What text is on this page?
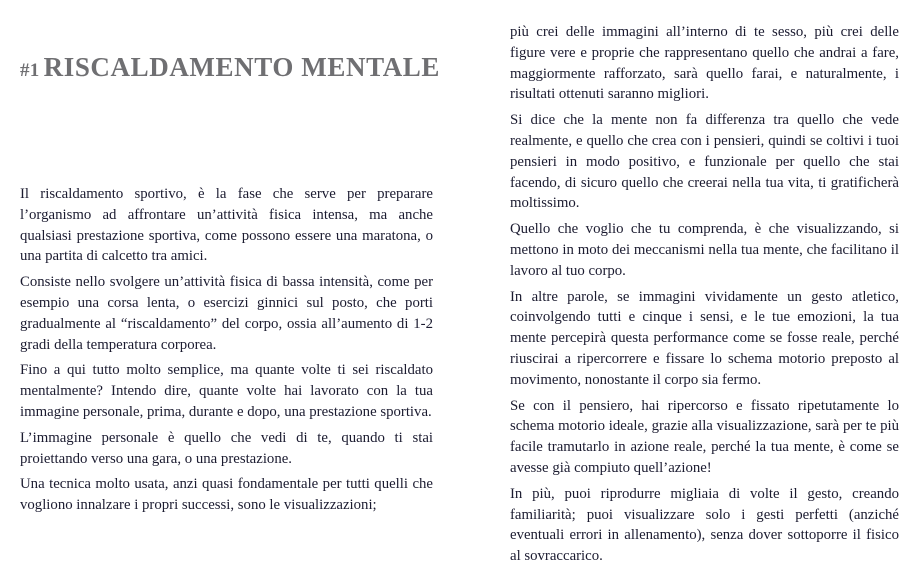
#1 RISCALDAMENTO MENTALE

Il riscaldamento sportivo, è la fase che serve per preparare l’organismo ad affrontare un’attività fisica intensa, ma anche qualsiasi prestazione sportiva, come possono essere una maratona, o una partita di calcetto tra amici.

Consiste nello svolgere un’attività fisica di bassa intensità, come per esempio una corsa lenta, o esercizi ginnici sul posto, che porti gradualmente al “riscaldamento” del corpo, ossia all’aumento di 1-2 gradi della temperatura corporea.

Fino a qui tutto molto semplice, ma quante volte ti sei riscaldato mentalmente? Intendo dire, quante volte hai lavorato con la tua immagine personale, prima, durante e dopo, una prestazione sportiva.

L’immagine personale è quello che vedi di te, quando ti stai proiettando verso una gara, o una prestazione.

Una tecnica molto usata, anzi quasi fondamentale per tutti quelli che vogliono innalzare i propri successi, sono le visualizzazioni;

più crei delle immagini all’interno di te sesso, più crei delle figure vere e proprie che rappresentano quello che andrai a fare, maggiormente rafforzato, sarà quello farai, e naturalmente, i risultati ottenuti saranno migliori.

Si dice che la mente non fa differenza tra quello che vede realmente, e quello che crea con i pensieri, quindi se coltivi i tuoi pensieri in modo positivo, e funzionale per quello che stai facendo, di sicuro quello che creerai nella tua vita, ti gratificherà moltissimo.

Quello che voglio che tu comprenda, è che visualizzando, si mettono in moto dei meccanismi nella tua mente, che facilitano il lavoro al tuo corpo.

In altre parole, se immagini vividamente un gesto atletico, coinvolgendo tutti e cinque i sensi, e le tue emozioni, la tua mente percepirà questa performance come se fosse reale, perché riuscirai a ripercorrere e fissare lo schema motorio preposto al movimento, nonostante il corpo sia fermo.

Se con il pensiero, hai ripercorso e fissato ripetutamente lo schema motorio ideale, grazie alla visualizzazione, sarà per te più facile tramutarlo in azione reale, perché la tua mente, è come se avesse già compiuto quell’azione!

In più, puoi riprodurre migliaia di volte il gesto, creando familiarità; puoi visualizzare solo i gesti perfetti (anziché eventuali errori in allenamento), senza dover sottoporre il fisico al sovraccarico.
